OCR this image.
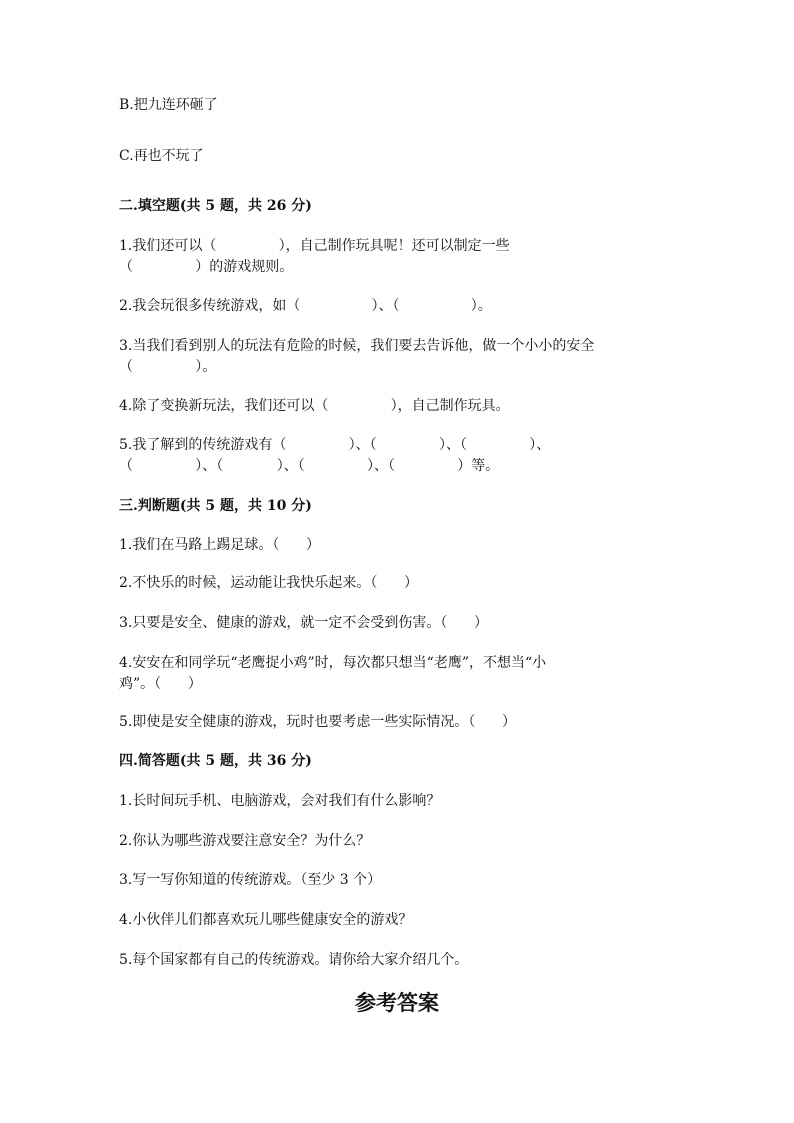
B.把九连环砸了

C.再也不玩了

二.填空题(共 5 题，共 26 分)

1.我们还可以（              ），自己制作玩具呢！还可以制定一些

（              ）的游戏规则。

2.我会玩很多传统游戏，如（                ）、（                ）。

3.当我们看到别人的玩法有危险的时候，我们要去告诉他，做一个小小的安全

（              ）。

4.除了变换新玩法，我们还可以（              ），自己制作玩具。

5.我了解到的传统游戏有（              ）、（              ）、（              ）、

（              ）、（            ）、（              ）、（              ）等。

三.判断题(共 5 题，共 10 分)

1.我们在马路上踢足球。（      ）

2.不快乐的时候，运动能让我快乐起来。（      ）

3.只要是安全、健康的游戏，就一定不会受到伤害。（      ）

4.安安在和同学玩“老鹰捉小鸡”时，每次都只想当“老鹰”，不想当“小

鸡”。（      ）

5.即使是安全健康的游戏，玩时也要考虑一些实际情况。（      ）

四.简答题(共 5 题，共 36 分)

1.长时间玩手机、电脑游戏，会对我们有什么影响？

2.你认为哪些游戏要注意安全？为什么？

3.写一写你知道的传统游戏。（至少 3 个）

4.小伙伴儿们都喜欢玩儿哪些健康安全的游戏？

5.每个国家都有自己的传统游戏。请你给大家介绍几个。

参考答案
